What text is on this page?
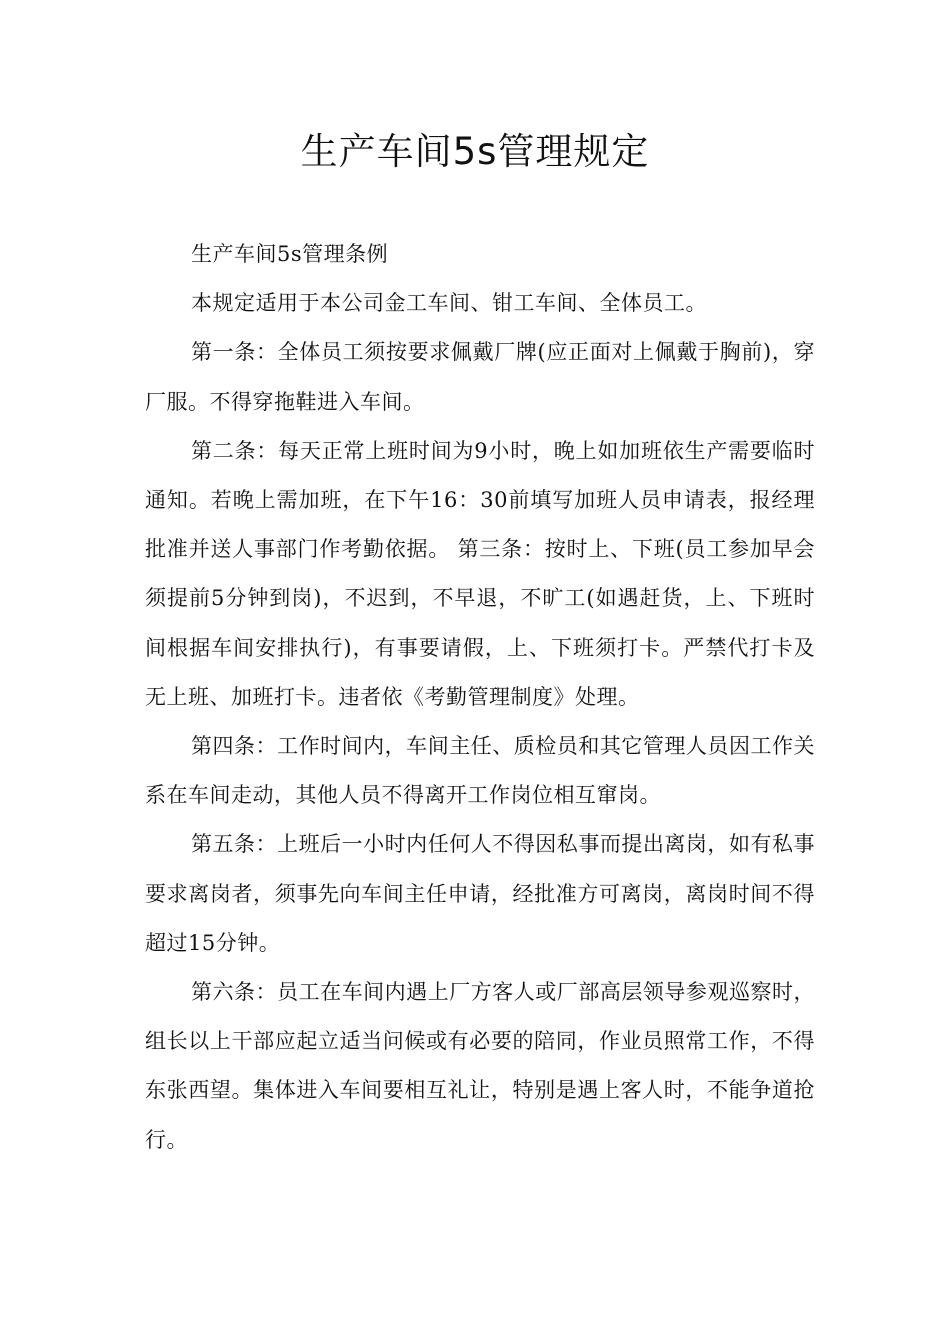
生产车间5s管理规定

生产车间5s管理条例

本规定适用于本公司金工车间、钳工车间、全体员工。

第一条：全体员工须按要求佩戴厂牌(应正面对上佩戴于胸前)，穿厂服。不得穿拖鞋进入车间。

第二条：每天正常上班时间为9小时，晚上如加班依生产需要临时通知。若晚上需加班，在下午16：30前填写加班人员申请表，报经理批准并送人事部门作考勤依据。 第三条：按时上、下班(员工参加早会须提前5分钟到岗)，不迟到，不早退，不旷工(如遇赶货，上、下班时间根据车间安排执行)，有事要请假，上、下班须打卡。严禁代打卡及无上班、加班打卡。违者依《考勤管理制度》处理。

第四条：工作时间内，车间主任、质检员和其它管理人员因工作关系在车间走动，其他人员不得离开工作岗位相互窜岗。

第五条：上班后一小时内任何人不得因私事而提出离岗，如有私事要求离岗者，须事先向车间主任申请，经批准方可离岗，离岗时间不得超过15分钟。

第六条：员工在车间内遇上厂方客人或厂部高层领导参观巡察时，组长以上干部应起立适当问候或有必要的陪同，作业员照常工作，不得东张西望。集体进入车间要相互礼让，特别是遇上客人时，不能争道抢行。
